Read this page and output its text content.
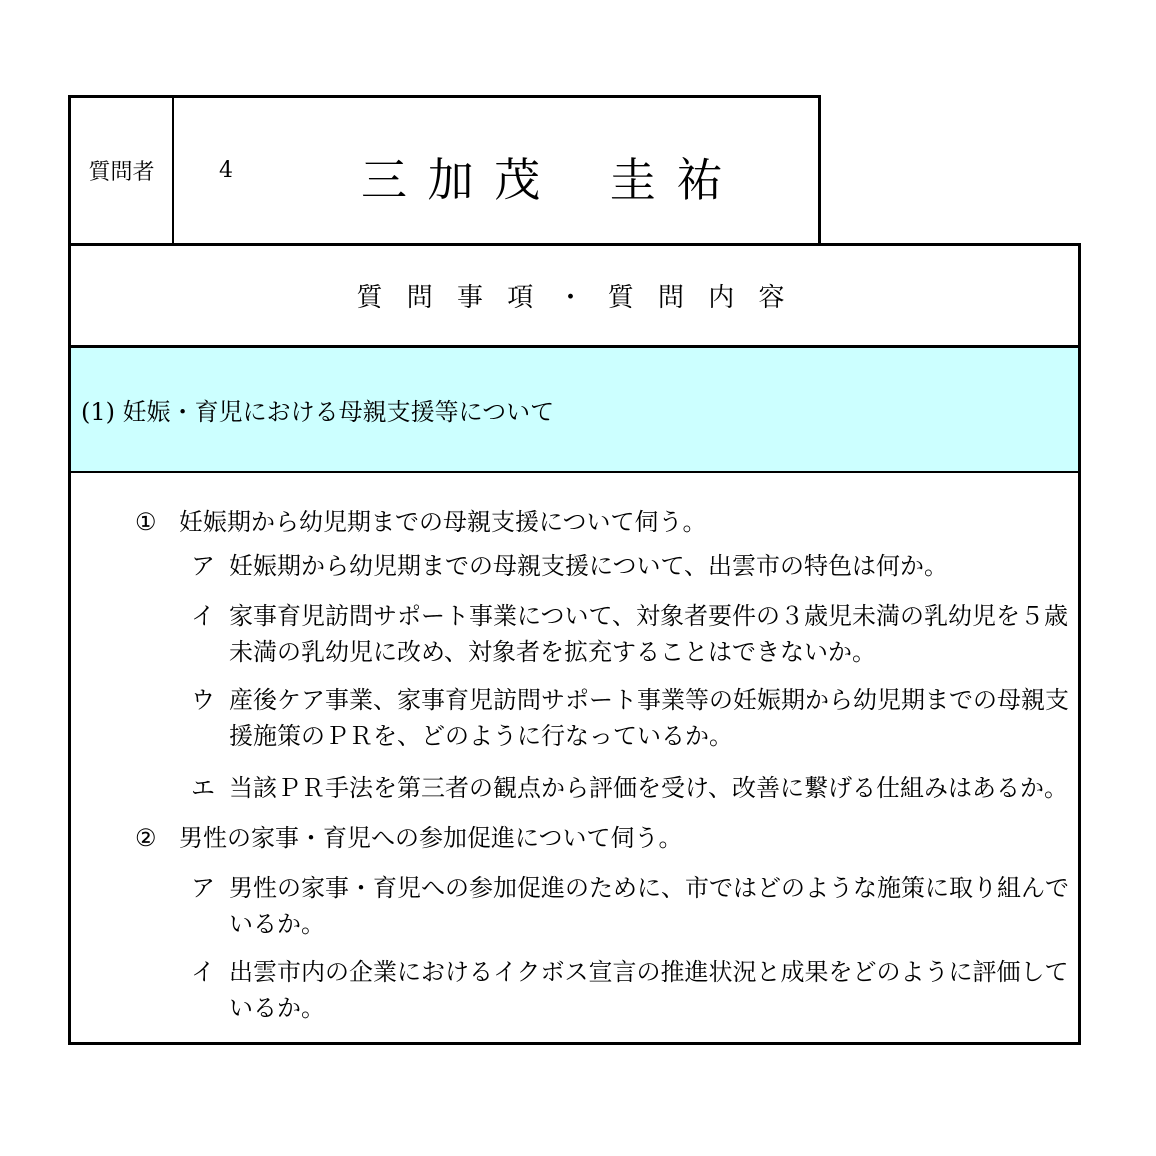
質問者	4	三 加 茂　 圭 祐
質 問 事 項 ・ 質 問 内 容
(1) 妊娠・育児における母親支援等について
① 妊娠期から幼児期までの母親支援について伺う。
ア 妊娠期から幼児期までの母親支援について、出雲市の特色は何か。
イ 家事育児訪問サポート事業について、対象者要件の３歳児未満の乳幼児を５歳
未満の乳幼児に改め、対象者を拡充することはできないか。
ウ 産後ケア事業、家事育児訪問サポート事業等の妊娠期から幼児期までの母親支
援施策のＰＲを、どのように行なっているか。
エ 当該ＰＲ手法を第三者の観点から評価を受け、改善に繋げる仕組みはあるか。
② 男性の家事・育児への参加促進について伺う。
ア 男性の家事・育児への参加促進のために、市ではどのような施策に取り組んで
いるか。
イ 出雲市内の企業におけるイクボス宣言の推進状況と成果をどのように評価して
いるか。
